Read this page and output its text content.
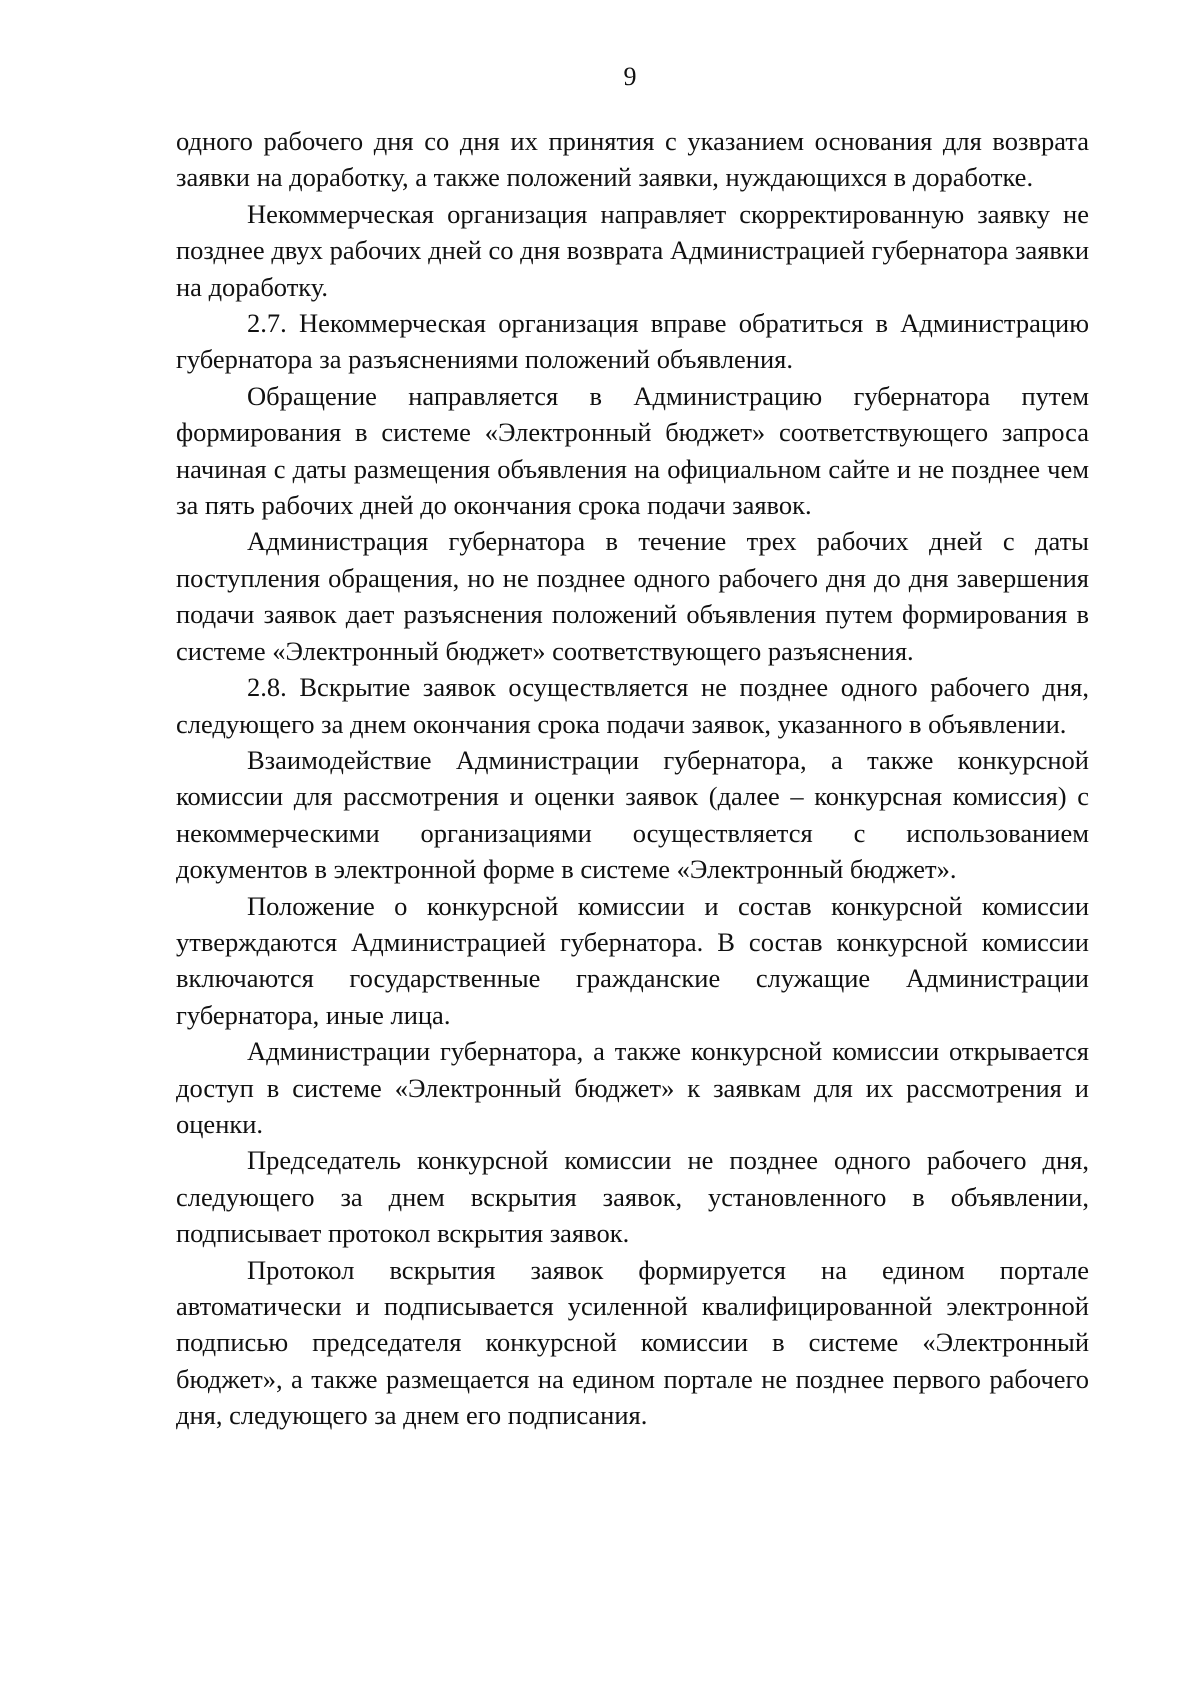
9

одного рабочего дня со дня их принятия с указанием основания для возврата заявки на доработку, а также положений заявки, нуждающихся в доработке.

Некоммерческая организация направляет скорректированную заявку не позднее двух рабочих дней со дня возврата Администрацией губернатора заявки на доработку.

2.7. Некоммерческая организация вправе обратиться в Администрацию губернатора за разъяснениями положений объявления.

Обращение направляется в Администрацию губернатора путем формирования в системе «Электронный бюджет» соответствующего запроса начиная с даты размещения объявления на официальном сайте и не позднее чем за пять рабочих дней до окончания срока подачи заявок.

Администрация губернатора в течение трех рабочих дней с даты поступления обращения, но не позднее одного рабочего дня до дня завершения подачи заявок дает разъяснения положений объявления путем формирования в системе «Электронный бюджет» соответствующего разъяснения.

2.8. Вскрытие заявок осуществляется не позднее одного рабочего дня, следующего за днем окончания срока подачи заявок, указанного в объявлении.

Взаимодействие Администрации губернатора, а также конкурсной комиссии для рассмотрения и оценки заявок (далее – конкурсная комиссия) с некоммерческими организациями осуществляется с использованием документов в электронной форме в системе «Электронный бюджет».

Положение о конкурсной комиссии и состав конкурсной комиссии утверждаются Администрацией губернатора. В состав конкурсной комиссии включаются государственные гражданские служащие Администрации губернатора, иные лица.

Администрации губернатора, а также конкурсной комиссии открывается доступ в системе «Электронный бюджет» к заявкам для их рассмотрения и оценки.

Председатель конкурсной комиссии не позднее одного рабочего дня, следующего за днем вскрытия заявок, установленного в объявлении, подписывает протокол вскрытия заявок.

Протокол вскрытия заявок формируется на едином портале автоматически и подписывается усиленной квалифицированной электронной подписью председателя конкурсной комиссии в системе «Электронный бюджет», а также размещается на едином портале не позднее первого рабочего дня, следующего за днем его подписания.
